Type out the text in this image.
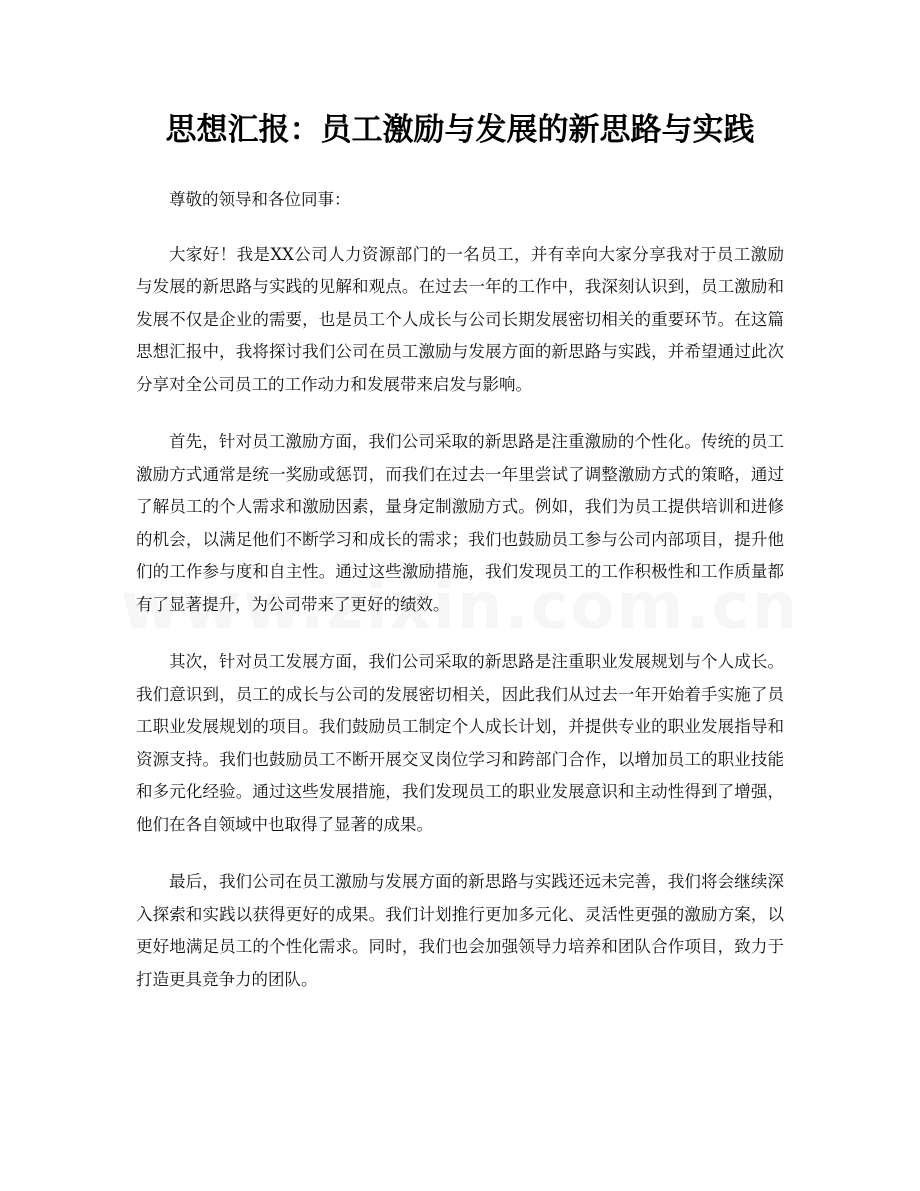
思想汇报：员工激励与发展的新思路与实践

尊敬的领导和各位同事：

大家好！我是XX公司人力资源部门的一名员工，并有幸向大家分享我对于员工激励与发展的新思路与实践的见解和观点。在过去一年的工作中，我深刻认识到，员工激励和发展不仅是企业的需要，也是员工个人成长与公司长期发展密切相关的重要环节。在这篇思想汇报中，我将探讨我们公司在员工激励与发展方面的新思路与实践，并希望通过此次分享对全公司员工的工作动力和发展带来启发与影响。

首先，针对员工激励方面，我们公司采取的新思路是注重激励的个性化。传统的员工激励方式通常是统一奖励或惩罚，而我们在过去一年里尝试了调整激励方式的策略，通过了解员工的个人需求和激励因素，量身定制激励方式。例如，我们为员工提供培训和进修的机会，以满足他们不断学习和成长的需求；我们也鼓励员工参与公司内部项目，提升他们的工作参与度和自主性。通过这些激励措施，我们发现员工的工作积极性和工作质量都有了显著提升，为公司带来了更好的绩效。

其次，针对员工发展方面，我们公司采取的新思路是注重职业发展规划与个人成长。我们意识到，员工的成长与公司的发展密切相关，因此我们从过去一年开始着手实施了员工职业发展规划的项目。我们鼓励员工制定个人成长计划，并提供专业的职业发展指导和资源支持。我们也鼓励员工不断开展交叉岗位学习和跨部门合作，以增加员工的职业技能和多元化经验。通过这些发展措施，我们发现员工的职业发展意识和主动性得到了增强，他们在各自领域中也取得了显著的成果。

最后，我们公司在员工激励与发展方面的新思路与实践还远未完善，我们将会继续深入探索和实践以获得更好的成果。我们计划推行更加多元化、灵活性更强的激励方案，以更好地满足员工的个性化需求。同时，我们也会加强领导力培养和团队合作项目，致力于打造更具竞争力的团队。
